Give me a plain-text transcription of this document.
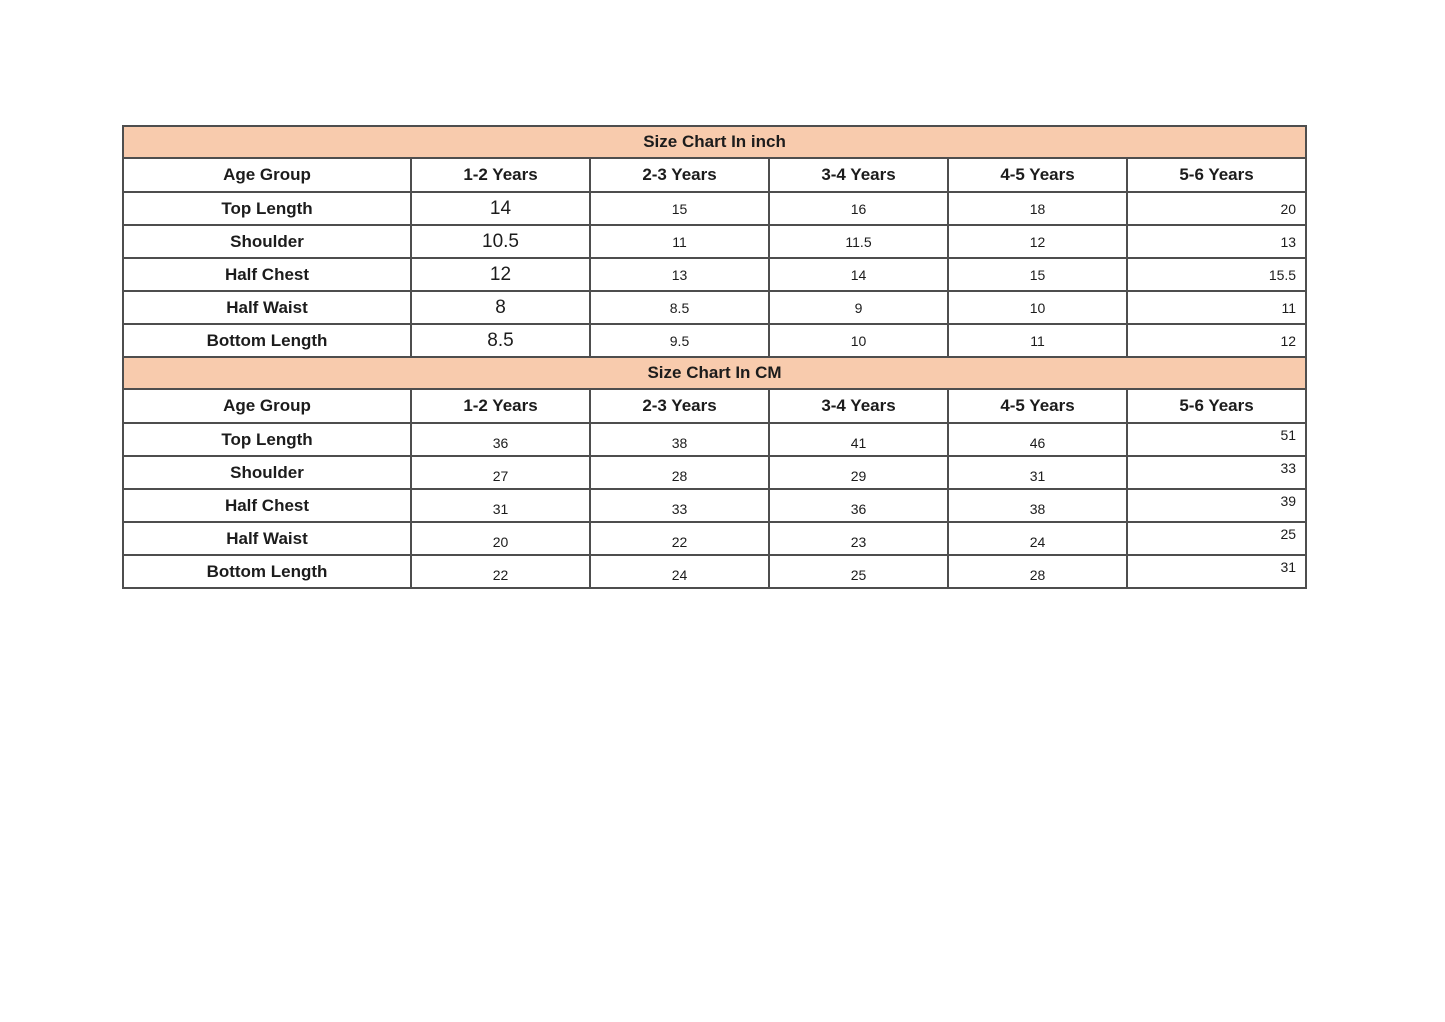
Size Chart In inch					
Age Group	1-2 Years	2-3 Years	3-4 Years	4-5 Years	5-6 Years
Top Length	14	15	16	18	20
Shoulder	10.5	11	11.5	12	13
Half Chest	12	13	14	15	15.5
Half Waist	8	8.5	9	10	11
Bottom Length	8.5	9.5	10	11	12
Size Chart In CM					
Age Group	1-2 Years	2-3 Years	3-4 Years	4-5 Years	5-6 Years
Top Length	36	38	41	46	51
Shoulder	27	28	29	31	33
Half Chest	31	33	36	38	39
Half Waist	20	22	23	24	25
Bottom Length	22	24	25	28	31
